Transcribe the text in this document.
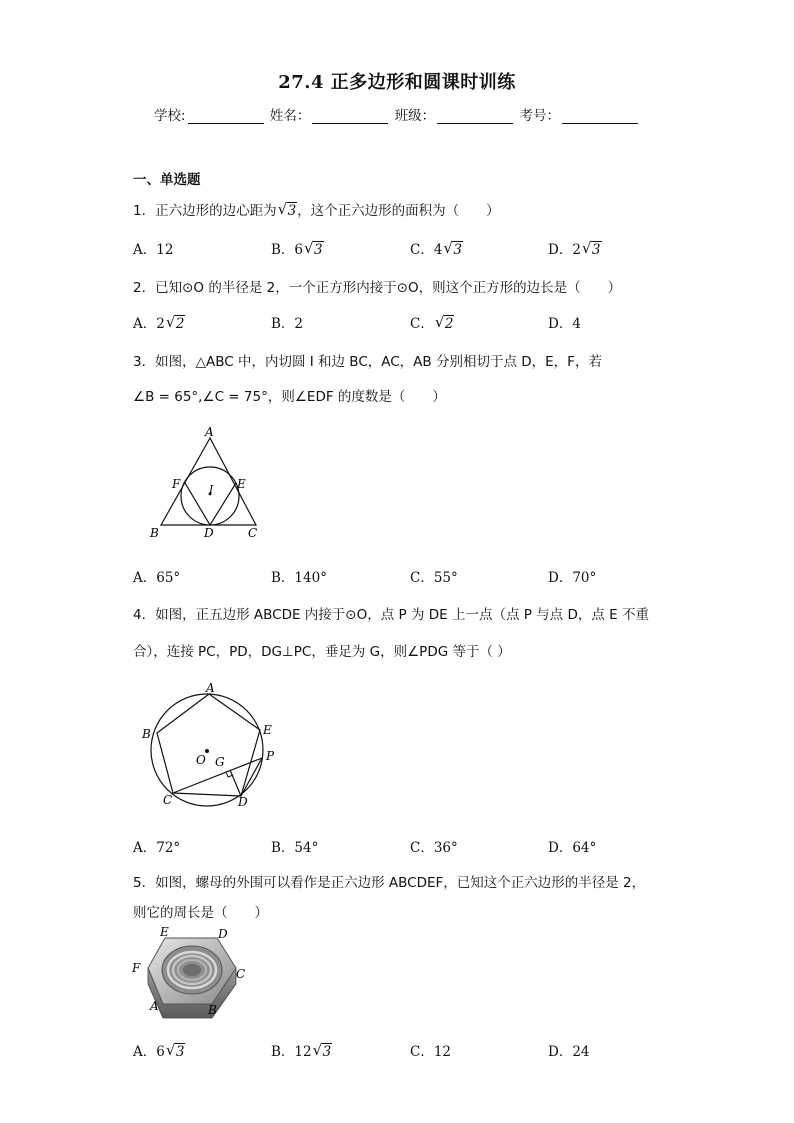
27.4 正多边形和圆课时训练
学校:	姓名：	班级：	考号：
一、单选题
1．正六边形的边心距为 √ 3，这个正六边形的面积为（　　）
A．12	B．6 √ 3	C．4 √ 3	D．2 √ 3
2．已知⊙O 的半径是 2，一个正方形内接于⊙O，则这个正方形的边长是（　　）
A．2 √ 2	B．2	C． √ 2	D．4
3．如图，△ABC 中，内切圆 I 和边 BC，AC，AB 分别相切于点 D，E，F，若
∠B = 65°,∠C = 75°，则∠EDF 的度数是（　　）
A
B	C
D
E
F	I
A．65°	B．140°	C．55°	D．70°
4．如图，正五边形 ABCDE 内接于⊙O，点 P 为 DE 上一点（点 P 与点 D，点 E 不重
合），连接 PC，PD，DG⊥PC，垂足为 G，则∠PDG 等于（ ）
A
B
C	D
E
O G	P
A．72°	B．54°	C．36°	D．64°
5．如图，螺母的外围可以看作是正六边形 ABCDEF，已知这个正六边形的半径是 2，
则它的周长是（　　）
F
E	D
C
B
A
A．6 √ 3	B．12 √ 3	C．12	D．24
